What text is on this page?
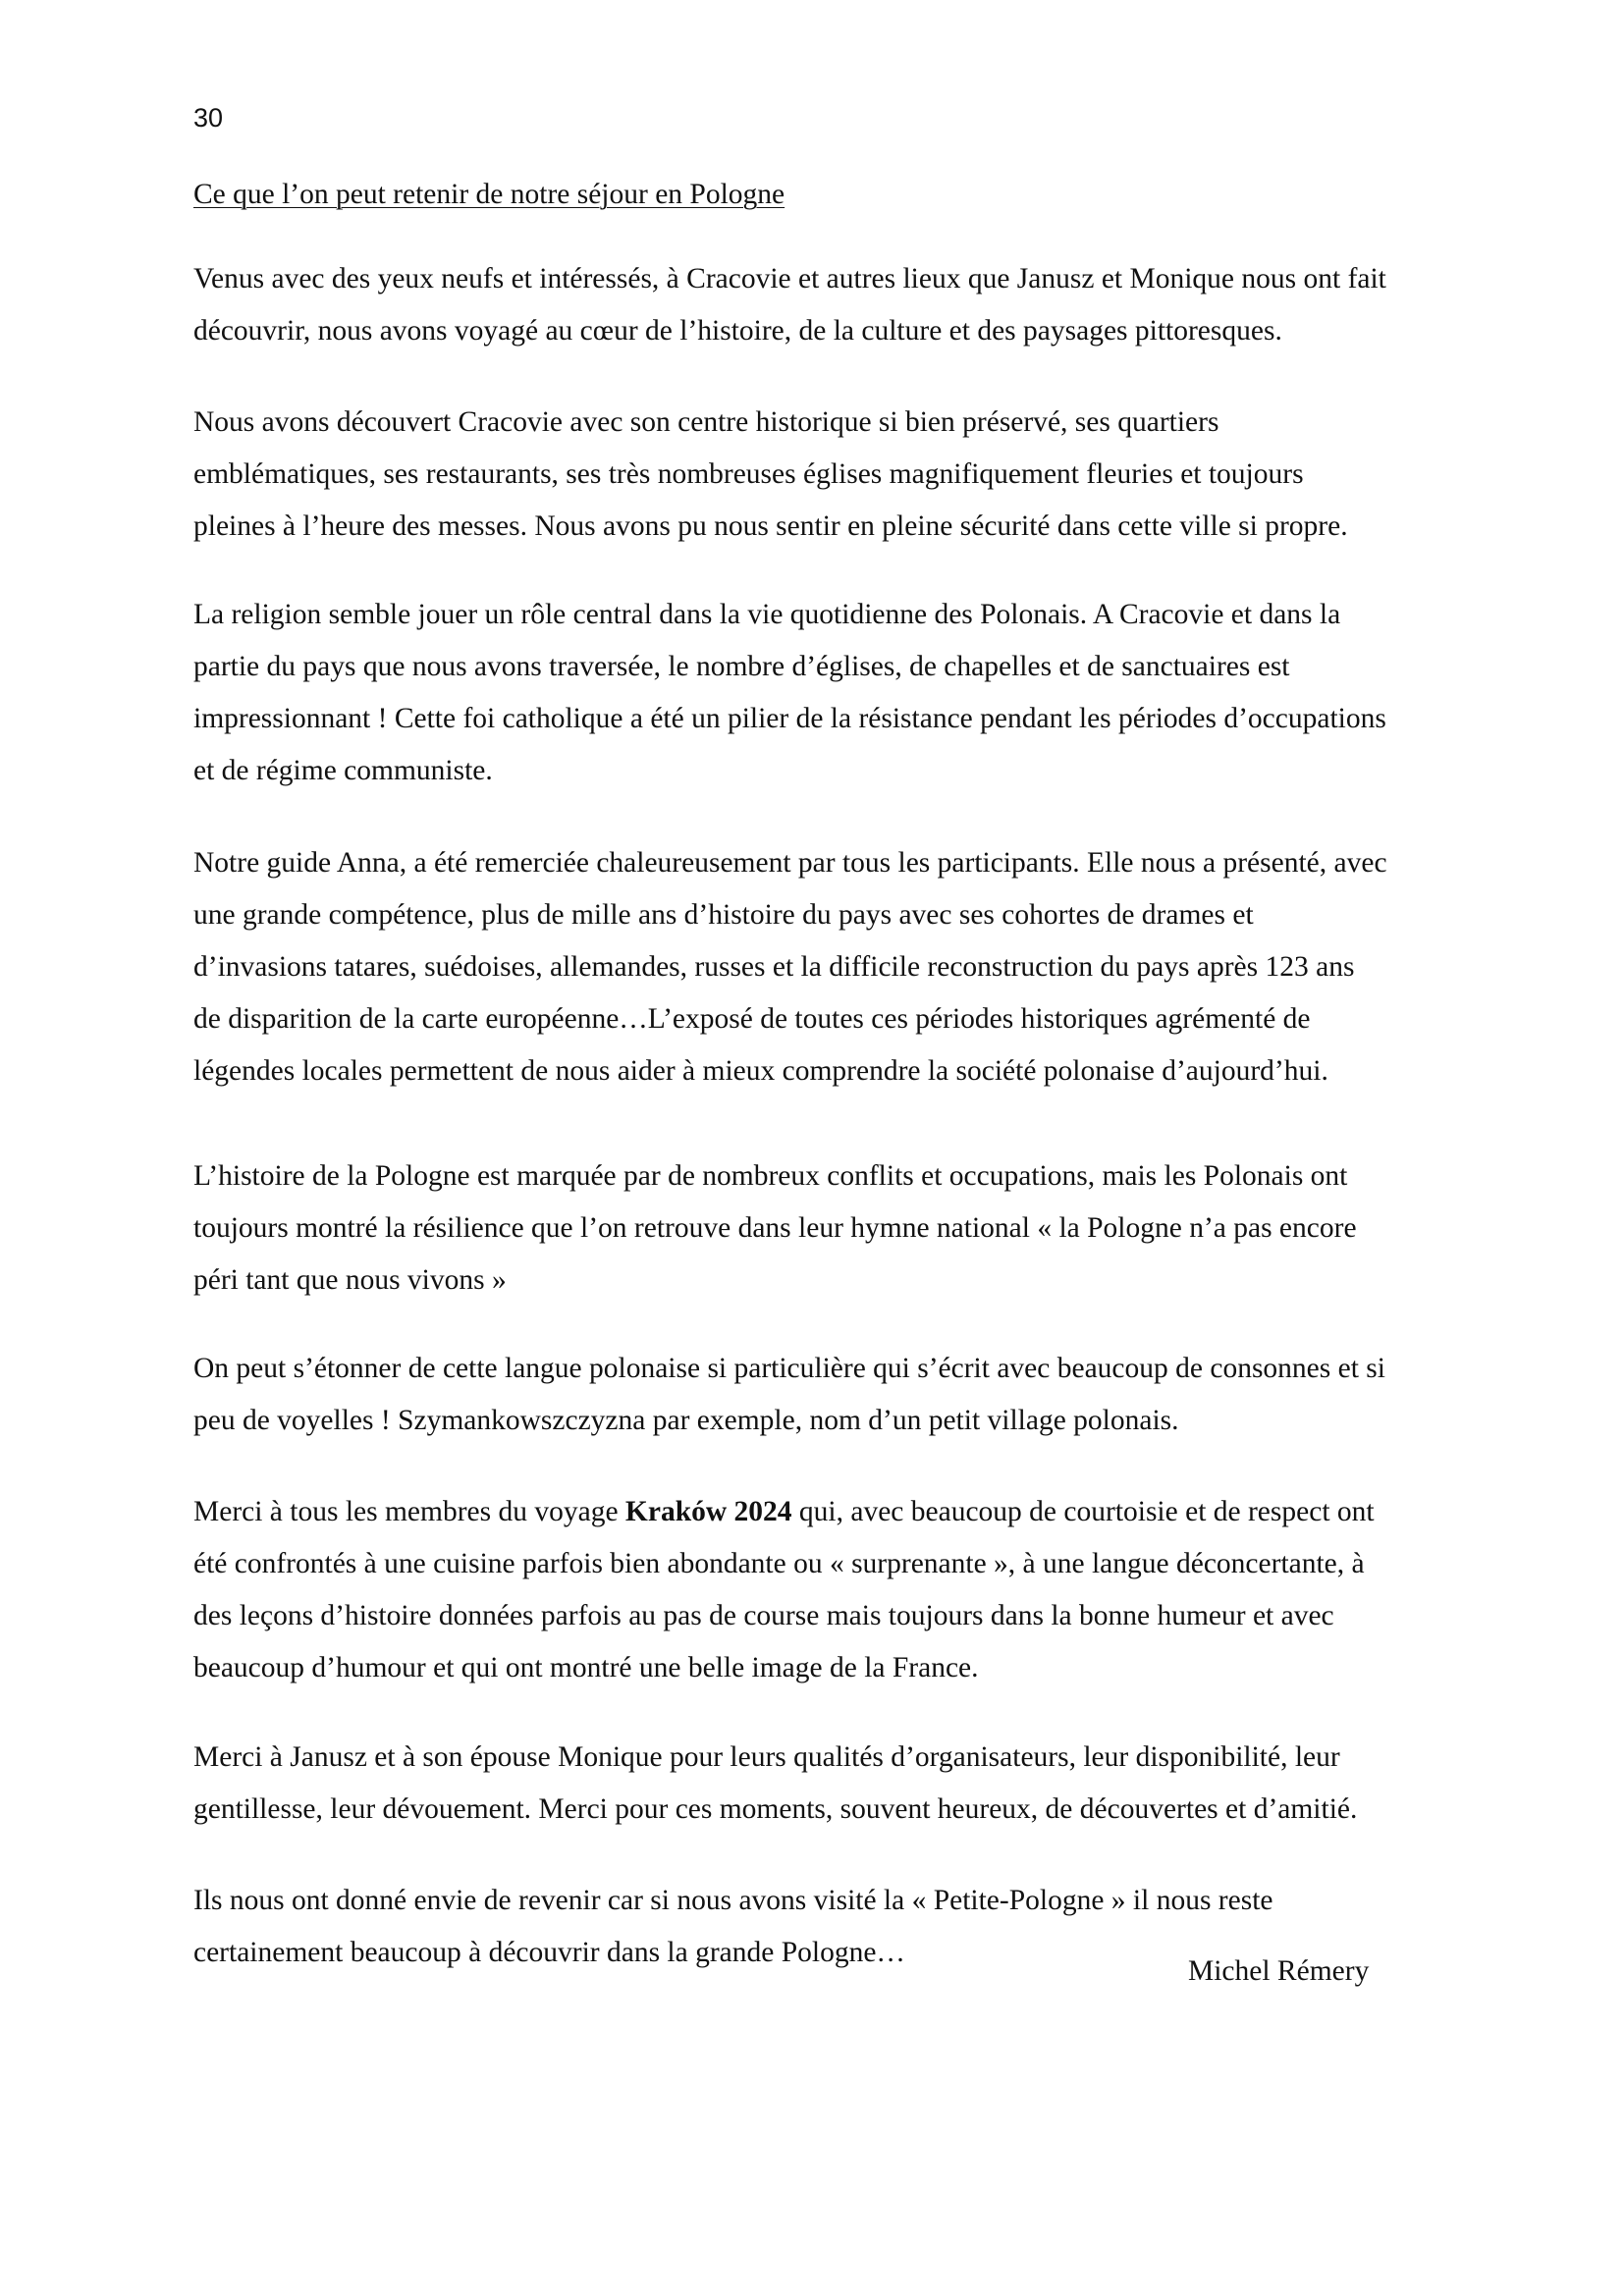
30

Ce que l’on peut retenir de notre séjour en Pologne

Venus avec des yeux neufs et intéressés, à Cracovie et autres lieux que Janusz et Monique nous ont fait
découvrir, nous avons voyagé au cœur de l’histoire, de la culture et des paysages pittoresques.

Nous avons découvert Cracovie avec son centre historique si bien préservé, ses quartiers
emblématiques, ses restaurants, ses très nombreuses églises magnifiquement fleuries et toujours
pleines à l’heure des messes. Nous avons pu nous sentir en pleine sécurité dans cette ville si propre.

La religion semble jouer un rôle central dans la vie quotidienne des Polonais. A Cracovie et dans la
partie du pays que nous avons traversée, le nombre d’églises, de chapelles et de sanctuaires est
impressionnant ! Cette foi catholique a été un pilier de la résistance pendant les périodes d’occupations
et de régime communiste.

Notre guide Anna, a été remerciée chaleureusement par tous les participants. Elle nous a présenté, avec
une grande compétence, plus de mille ans d’histoire du pays avec ses cohortes de drames et
d’invasions tatares, suédoises, allemandes, russes et la difficile reconstruction du pays après 123 ans
de disparition de la carte européenne…L’exposé de toutes ces périodes historiques agrémenté de
légendes locales permettent de nous aider à mieux comprendre la société polonaise d’aujourd’hui.

L’histoire de la Pologne est marquée par de nombreux conflits et occupations, mais les Polonais ont
toujours montré la résilience que l’on retrouve dans leur hymne national « la Pologne n’a pas encore
péri tant que nous vivons »

On peut s’étonner de cette langue polonaise si particulière qui s’écrit avec beaucoup de consonnes et si
peu de voyelles ! Szymankowszczyzna par exemple, nom d’un petit village polonais.

Merci à tous les membres du voyage Kraków 2024 qui, avec beaucoup de courtoisie et de respect ont
été confrontés à une cuisine parfois bien abondante ou « surprenante », à une langue déconcertante, à
des leçons d’histoire données parfois au pas de course mais toujours dans la bonne humeur et avec
beaucoup d’humour et qui ont montré une belle image de la France.

Merci à Janusz et à son épouse Monique pour leurs qualités d’organisateurs, leur disponibilité, leur
gentillesse, leur dévouement. Merci pour ces moments, souvent heureux, de découvertes et d’amitié.

Ils nous ont donné envie de revenir car si nous avons visité la « Petite-Pologne » il nous reste
certainement beaucoup à découvrir dans la grande Pologne…

Michel Rémery
